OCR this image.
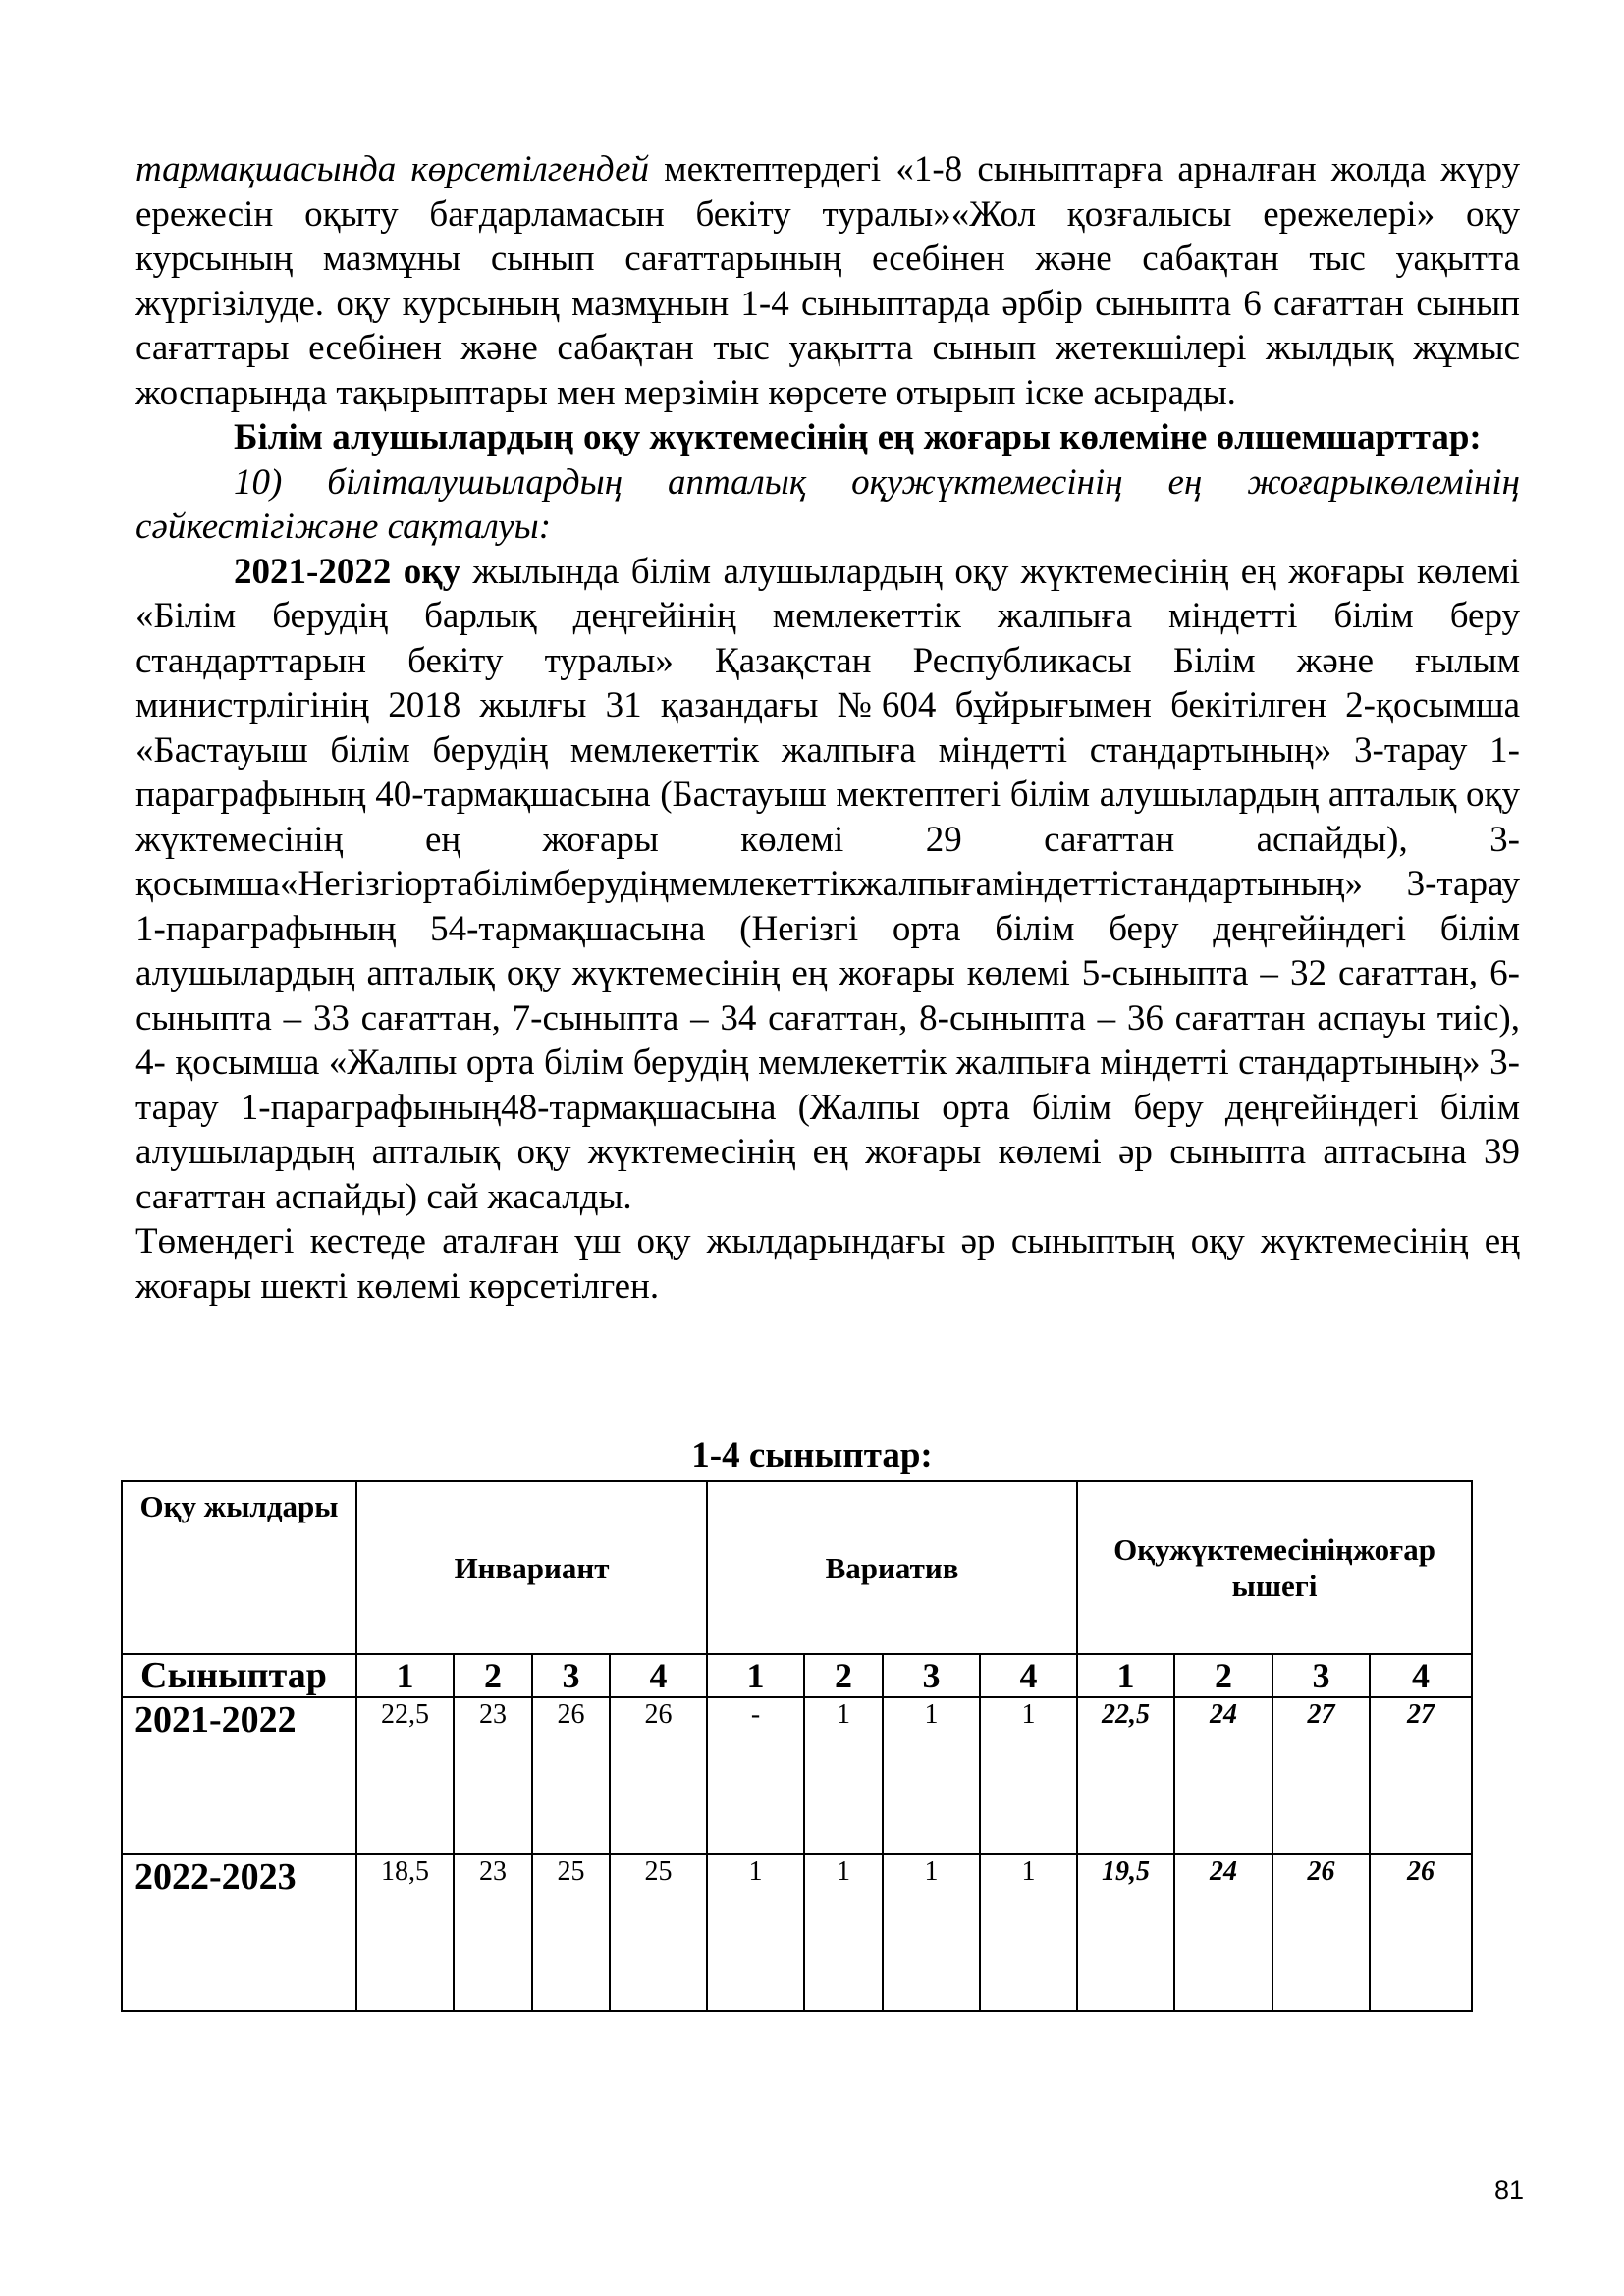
тармақшасында көрсетілгендей мектептердегі «1-8 сыныптарға арналған жолда жүру ережесін оқыту бағдарламасын бекіту туралы»«Жол қозғалысы ережелері» оқу курсының мазмұны сынып сағаттарының есебінен және сабақтан тыс уақытта жүргізілуде. оқу курсының мазмұнын 1-4 сыныптарда әрбір сыныпта 6 сағаттан сынып сағаттары есебінен және сабақтан тыс уақытта сынып жетекшілері жылдық жұмыс жоспарында тақырыптары мен мерзімін көрсете отырып іске асырады.

Білім алушылардың оқу жүктемесінің ең жоғары көлеміне өлшемшарттар:

10) біліmалушылардың апталық оқужүктемесінің ең жоғарыкөлемінің сәйкестігіжәне сақталуы:

2021-2022 оқу жылында білім алушылардың оқу жүктемесінің ең жоғары көлемі «Білім берудің барлық деңгейінің мемлекеттік жалпыға міндетті білім беру стандарттарын бекіту туралы» Қазақстан Республикасы Білім және ғылым министрлігінің 2018 жылғы 31 қазандағы №604 бұйрығымен бекітілген 2-қосымша «Бастауыш білім берудің мемлекеттік жалпыға міндетті стандартының» 3-тарау 1-параграфының 40-тармақшасына (Бастауыш мектептегі білім алушылардың апталық оқу жүктемесінің ең жоғары көлемі 29 сағаттан аспайды), 3-қосымша«Негізгіортабілімберудіңмемлекеттікжалпығаміндеттістандартының» 3-тарау 1-параграфының 54-тармақшасына (Негізгі орта білім беру деңгейіндегі білім алушылардың апталық оқу жүктемесінің ең жоғары көлемі 5-сыныпта – 32 сағаттан, 6-сыныпта – 33 сағаттан, 7-сыныпта – 34 сағаттан, 8-сыныпта – 36 сағаттан аспауы тиіс), 4- қосымша «Жалпы орта білім берудің мемлекеттік жалпыға міндетті стандартының» 3-тарау 1-параграфының48-тармақшасына (Жалпы орта білім беру деңгейіндегі білім алушылардың апталық оқу жүктемесінің ең жоғары көлемі әр сыныпта аптасына 39 сағаттан аспайды) сай жасалды.

Төмендегі кестеде аталған үш оқу жылдарындағы әр сыныптың оқу жүктемесінің ең жоғары шекті көлемі көрсетілген.

1-4 сыныптар:
Оқу жылдары	Инвариант				Вариатив				Оқужүктемесініңжоғар ышегі			
Сыныптар	1	2	3	4	1	2	3	4	1	2	3	4
2021-2022	22,5	23	26	26	-	1	1	1	22,5	24	27	27
2022-2023	18,5	23	25	25	1	1	1	1	19,5	24	26	26
81
